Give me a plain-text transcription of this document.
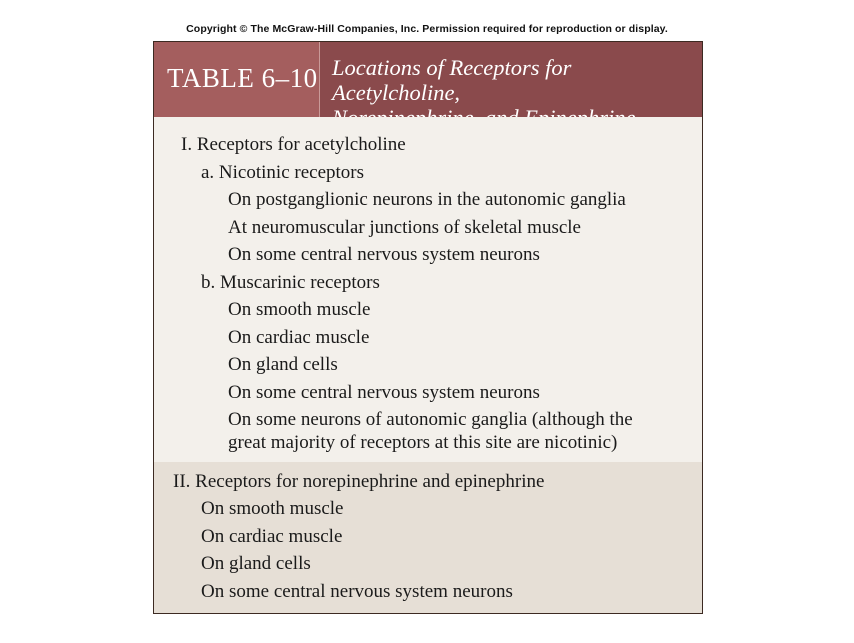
Copyright © The McGraw-Hill Companies, Inc. Permission required for reproduction or display.
TABLE 6–10 Locations of Receptors for Acetylcholine,
I. Receptors for acetylcholine
a. Nicotinic receptors
On postganglionic neurons in the autonomic ganglia
At neuromuscular junctions of skeletal muscle
On some central nervous system neurons
b. Muscarinic receptors
On smooth muscle
On cardiac muscle
On gland cells
On some central nervous system neurons
On some neurons of autonomic ganglia (although the
great majority of receptors at this site are nicotinic)
II. Receptors for norepinephrine and epinephrine
On smooth muscle
On cardiac muscle
On gland cells
On some central nervous system neurons
